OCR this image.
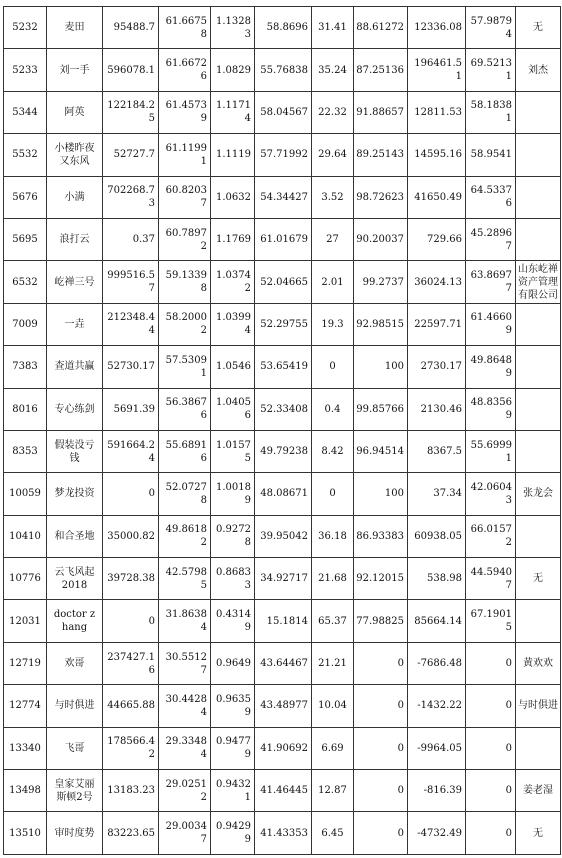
5232	麦田	95488.7	61.66758	1.13283	58.8696	31.41	88.61272	12336.08	57.98794	无
5233	刘一手	596078.1	61.66726	1.0829	55.76838	35.24	87.25136	196461.51	69.52131	刘杰
5344	阿英	122184.25	61.45739	1.11714	58.04567	22.32	91.88657	12811.53	58.18381	
5532	小楼昨夜又东风	52727.7	61.11991	1.1119	57.71992	29.64	89.25143	14595.16	58.9541	
5676	小满	702268.73	60.82037	1.0632	54.34427	3.52	98.72623	41650.49	64.53376	
5695	浪打云	0.37	60.78972	1.1769	61.01679	27	90.20037	729.66	45.28967	
6532	屹禅三号	999516.57	59.13398	1.03742	52.04665	2.01	99.2737	36024.13	63.86977	山东屹禅资产管理有限公司
7009	一垚	212348.44	58.20002	1.03994	52.29755	19.3	92.98515	22597.71	61.46609	
7383	查道共赢	52730.17	57.53091	1.0546	53.65419	0	100	2730.17	49.86489	
8016	专心练剑	5691.39	56.38676	1.04056	52.33408	0.4	99.85766	2130.46	48.83569	
8353	假装没亏钱	591664.24	55.68916	1.01575	49.79238	8.42	96.94514	8367.5	55.69991	
10059	梦龙投资	0	52.07278	1.00189	48.08671	0	100	37.34	42.06043	张龙会
10410	和合圣地	35000.82	49.86182	0.92728	39.95042	36.18	86.93383	60938.05	66.01572	
10776	云飞风起2018	39728.38	42.57985	0.86833	34.92717	21.68	92.12015	538.98	44.59407	无
12031	doctor zhang	0	31.86384	0.43149	15.1814	65.37	77.98825	85664.14	67.19015	
12719	欢哥	237427.16	30.55127	0.9649	43.64467	21.21	0	-7686.48	0	黄欢欢
12774	与时俱进	44665.88	30.44284	0.96359	43.48977	10.04	0	-1432.22	0	与时俱进
13340	飞哥	178566.42	29.33484	0.94779	41.90692	6.69	0	-9964.05	0	
13498	皇家艾丽斯顿2号	13183.23	29.02512	0.94321	41.46445	12.87	0	-816.39	0	姜老湿
13510	审时度势	83223.65	29.00347	0.94299	41.43353	6.45	0	-4732.49	0	无
